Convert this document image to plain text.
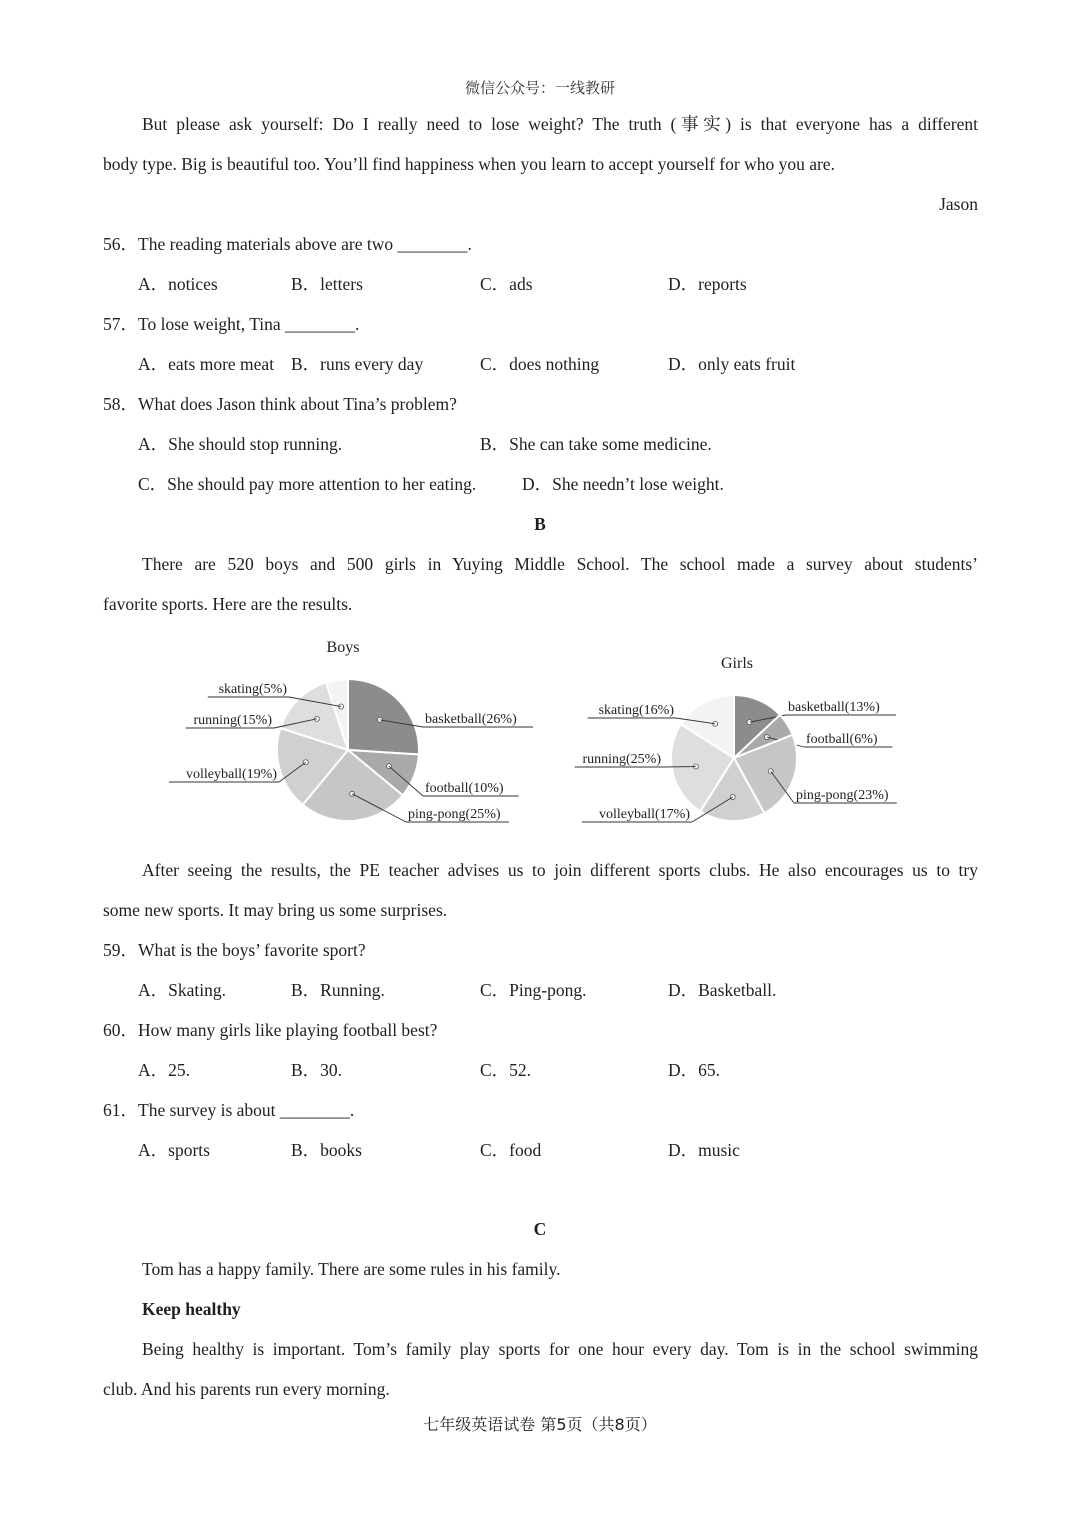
微信公众号：一线教研
But please ask yourself: Do I really need to lose weight? The truth (事实) is that everyone has a different
body type. Big is beautiful too. You’ll find happiness when you learn to accept yourself for who you are.
Jason
56．The reading materials above are two ________.
A．notices	B．letters	C．ads	D．reports
57．To lose weight, Tina ________.
A．eats more meat B．runs every day	C．does nothing	D．only eats fruit
58．What does Jason think about Tina’s problem?
A．She should stop running.	B．She can take some medicine.
C．She should pay more attention to her eating.	D．She needn’t lose weight.
B
There are 520 boys and 500 girls in Yuying Middle School. The school made a survey about students’
favorite sports. Here are the results.
Boys
basketball(26%)
football(10%)
ping-pong(25%)
volleyball(19%)
running(15%)
skating(5%)
Girls
basketball(13%)
football(6%)
ping-pong(23%)
volleyball(17%)
running(25%)
skating(16%)
After seeing the results, the PE teacher advises us to join different sports clubs. He also encourages us to try
some new sports. It may bring us some surprises.
59．What is the boys’ favorite sport?
A．Skating.	B．Running.	C．Ping-pong.	D．Basketball.
60．How many girls like playing football best?
A．25.	B．30.	C．52.	D．65.
61．The survey is about ________.
A．sports	B．books	C．food	D．music
C
Tom has a happy family. There are some rules in his family.
Keep healthy
Being healthy is important. Tom’s family play sports for one hour every day. Tom is in the school swimming
club. And his parents run every morning.
七年级英语试卷 第5页（共8页）
